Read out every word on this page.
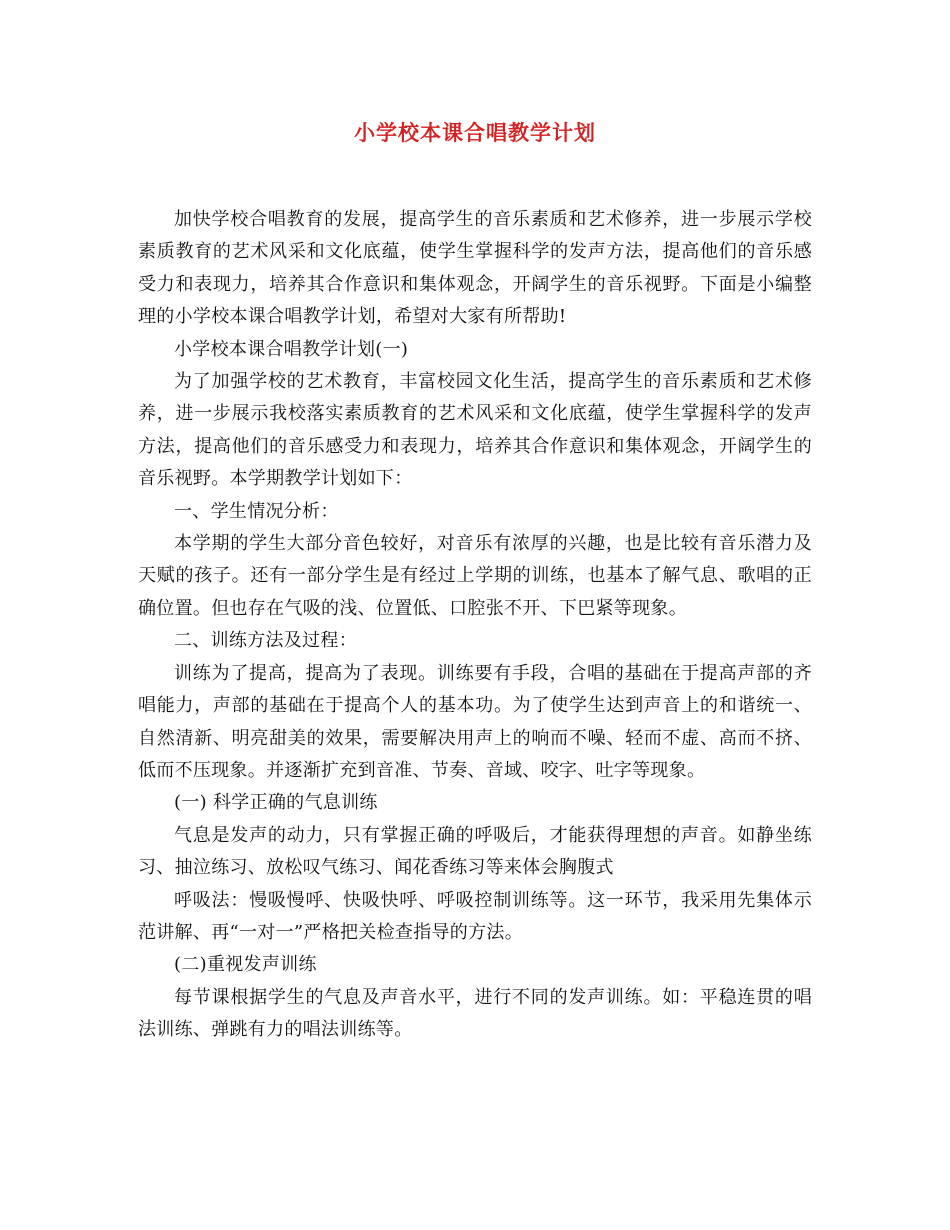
小学校本课合唱教学计划

加快学校合唱教育的发展，提高学生的音乐素质和艺术修养，进一步展示学校素质教育的艺术风采和文化底蕴，使学生掌握科学的发声方法，提高他们的音乐感受力和表现力，培养其合作意识和集体观念，开阔学生的音乐视野。下面是小编整理的小学校本课合唱教学计划，希望对大家有所帮助!

小学校本课合唱教学计划(一)

为了加强学校的艺术教育，丰富校园文化生活，提高学生的音乐素质和艺术修养，进一步展示我校落实素质教育的艺术风采和文化底蕴，使学生掌握科学的发声方法，提高他们的音乐感受力和表现力，培养其合作意识和集体观念，开阔学生的音乐视野。本学期教学计划如下：

一、学生情况分析：

本学期的学生大部分音色较好，对音乐有浓厚的兴趣，也是比较有音乐潜力及天赋的孩子。还有一部分学生是有经过上学期的训练，也基本了解气息、歌唱的正确位置。但也存在气吸的浅、位置低、口腔张不开、下巴紧等现象。

二、训练方法及过程：

训练为了提高，提高为了表现。训练要有手段，合唱的基础在于提高声部的齐唱能力，声部的基础在于提高个人的基本功。为了使学生达到声音上的和谐统一、自然清新、明亮甜美的效果，需要解决用声上的响而不噪、轻而不虚、高而不挤、低而不压现象。并逐渐扩充到音准、节奏、音域、咬字、吐字等现象。

(一) 科学正确的气息训练

气息是发声的动力，只有掌握正确的呼吸后，才能获得理想的声音。如静坐练习、抽泣练习、放松叹气练习、闻花香练习等来体会胸腹式

呼吸法：慢吸慢呼、快吸快呼、呼吸控制训练等。这一环节，我采用先集体示范讲解、再“一对一”严格把关检查指导的方法。

(二)重视发声训练

每节课根据学生的气息及声音水平，进行不同的发声训练。如：平稳连贯的唱法训练、弹跳有力的唱法训练等。
